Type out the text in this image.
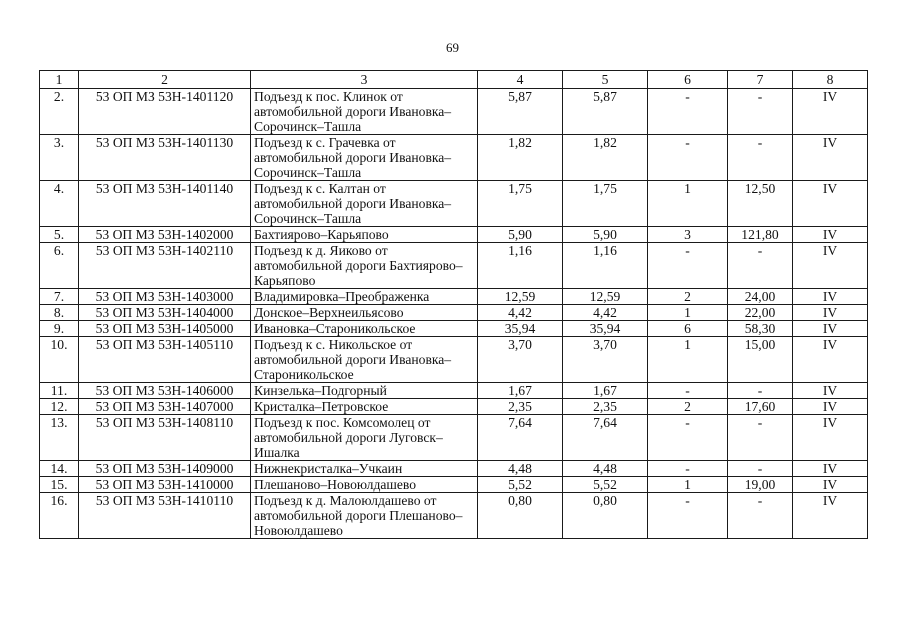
69
1	2	3	4	5	6	7	8
2.	53 ОП МЗ 53Н-1401120	Подъезд к пос. Клинок от автомобильной дороги Ивановка–Сорочинск–Ташла	5,87	5,87	-	-	IV
3.	53 ОП МЗ 53Н-1401130	Подъезд к с. Грачевка от автомобильной дороги Ивановка–Сорочинск–Ташла	1,82	1,82	-	-	IV
4.	53 ОП МЗ 53Н-1401140	Подъезд к с. Калтан от автомобильной дороги Ивановка–Сорочинск–Ташла	1,75	1,75	1	12,50	IV
5.	53 ОП МЗ 53Н-1402000	Бахтиярово–Карьяпово	5,90	5,90	3	121,80	IV
6.	53 ОП МЗ 53Н-1402110	Подъезд к д. Яиково от автомобильной дороги Бахтиярово–Карьяпово	1,16	1,16	-	-	IV
7.	53 ОП МЗ 53Н-1403000	Владимировка–Преображенка	12,59	12,59	2	24,00	IV
8.	53 ОП МЗ 53Н-1404000	Донское–Верхнеильясово	4,42	4,42	1	22,00	IV
9.	53 ОП МЗ 53Н-1405000	Ивановка–Староникольское	35,94	35,94	6	58,30	IV
10.	53 ОП МЗ 53Н-1405110	Подъезд к с. Никольское от автомобильной дороги Ивановка–Староникольское	3,70	3,70	1	15,00	IV
11.	53 ОП МЗ 53Н-1406000	Кинзелька–Подгорный	1,67	1,67	-	-	IV
12.	53 ОП МЗ 53Н-1407000	Кристалка–Петровское	2,35	2,35	2	17,60	IV
13.	53 ОП МЗ 53Н-1408110	Подъезд к пос. Комсомолец от автомобильной дороги Луговск–Ишалка	7,64	7,64	-	-	IV
14.	53 ОП МЗ 53Н-1409000	Нижнекристалка–Учкаин	4,48	4,48	-	-	IV
15.	53 ОП МЗ 53Н-1410000	Плешаново–Новоюлдашево	5,52	5,52	1	19,00	IV
16.	53 ОП МЗ 53Н-1410110	Подъезд к д. Малоюлдашево от автомобильной дороги Плешаново–Новоюлдашево	0,80	0,80	-	-	IV
